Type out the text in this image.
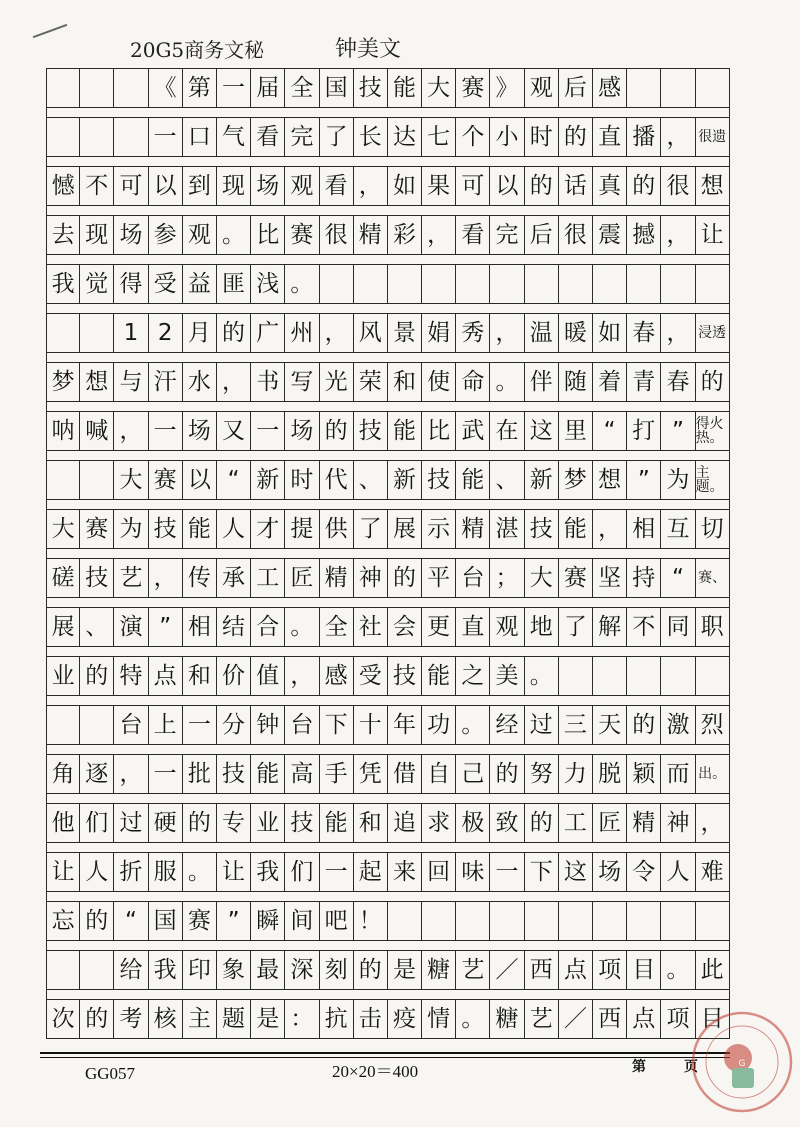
20G5商务文秘	钟美文
《 第 一 届 全 国 技 能 大 赛 》 观 后 感
一 口 气 看 完 了 长 达 七 个 小 时 的 直 播 ， 很遗
憾 不 可 以 到 现 场 观 看 ， 如 果 可 以 的 话 真 的 很 想
去 现 场 参 观 。 比 赛 很 精 彩 ， 看 完 后 很 震 撼 ， 让
我 觉 得 受 益 匪 浅 。
1 2 月 的 广 州 ， 风 景 娟 秀 ， 温 暖 如 春 ， 浸透
梦 想 与 汗 水 ， 书 写 光 荣 和 使 命 。 伴 随 着 青 春 的
呐 喊 ， 一 场 又 一 场 的 技 能 比 武 在 这 里 “ 打 ” 得火热。
大 赛 以 “ 新 时 代 、 新 技 能 、 新 梦 想 ” 为 主题。
大 赛 为 技 能 人 才 提 供 了 展 示 精 湛 技 能 ， 相 互 切
磋 技 艺 ， 传 承 工 匠 精 神 的 平 台 ； 大 赛 坚 持 “	赛、
展 、 演 ” 相 结 合 。 全 社 会 更 直 观 地 了 解 不 同 职
业 的 特 点 和 价 值 ， 感 受 技 能 之 美 。
台 上 一 分 钟 台 下 十 年 功 。 经 过 三 天 的 激 烈
角 逐 ， 一 批 技 能 高 手 凭 借 自 己 的 努 力 脱 颖 而 出。
他 们 过 硬 的 专 业 技 能 和 追 求 极 致 的 工 匠 精 神 ，
让 人 折 服 。 让 我 们 一 起 来 回 味 一 下 这 场 令 人 难
忘 的 “ 国 赛 ” 瞬 间 吧 ！
给 我 印 象 最 深 刻 的 是 糖 艺 ／ 西 点 项 目 。 此
次 的 考 核 主 题 是 ： 抗 击 疫 情 。 糖 艺 ／ 西 点 项 目
GG057	20×20＝400	第	页	G
